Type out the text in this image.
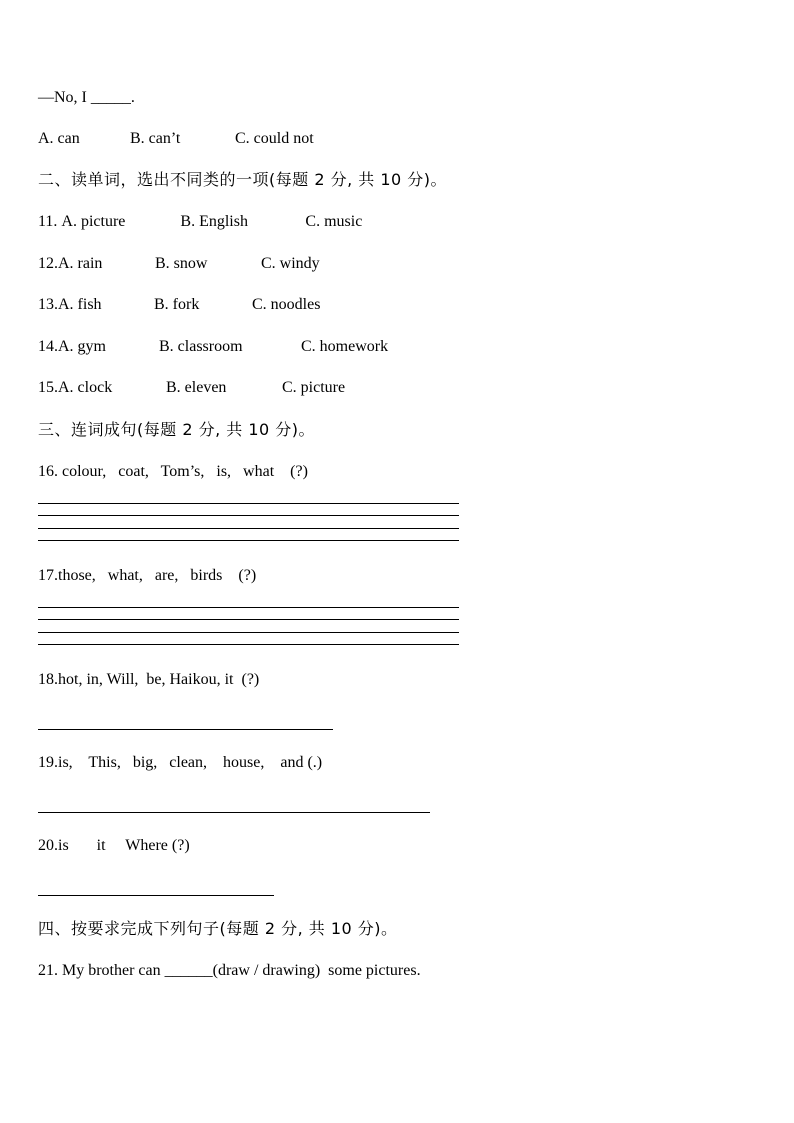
—No, I _____.
A. can	B. can’t	C. could not
二、读单词，选出不同类的一项(每题 2 分, 共 10 分)。
11. A. picture	B. English	C. music
12.A. rain	B. snow	C. windy
13.A. fish	B. fork	C. noodles
14.A. gym	B. classroom	C. homework
15.A. clock	B. eleven	C. picture
三、连词成句(每题 2 分, 共 10 分)。
16. colour,   coat,   Tom’s,   is,   what    (?)
17.those,   what,   are,   birds    (?)
18.hot, in, Will,  be, Haikou, it  (?)
19.is,    This,   big,   clean,    house,    and (.)
20.is       it     Where (?)
四、按要求完成下列句子(每题 2 分, 共 10 分)。
21. My brother can ______(draw / drawing)  some pictures.
